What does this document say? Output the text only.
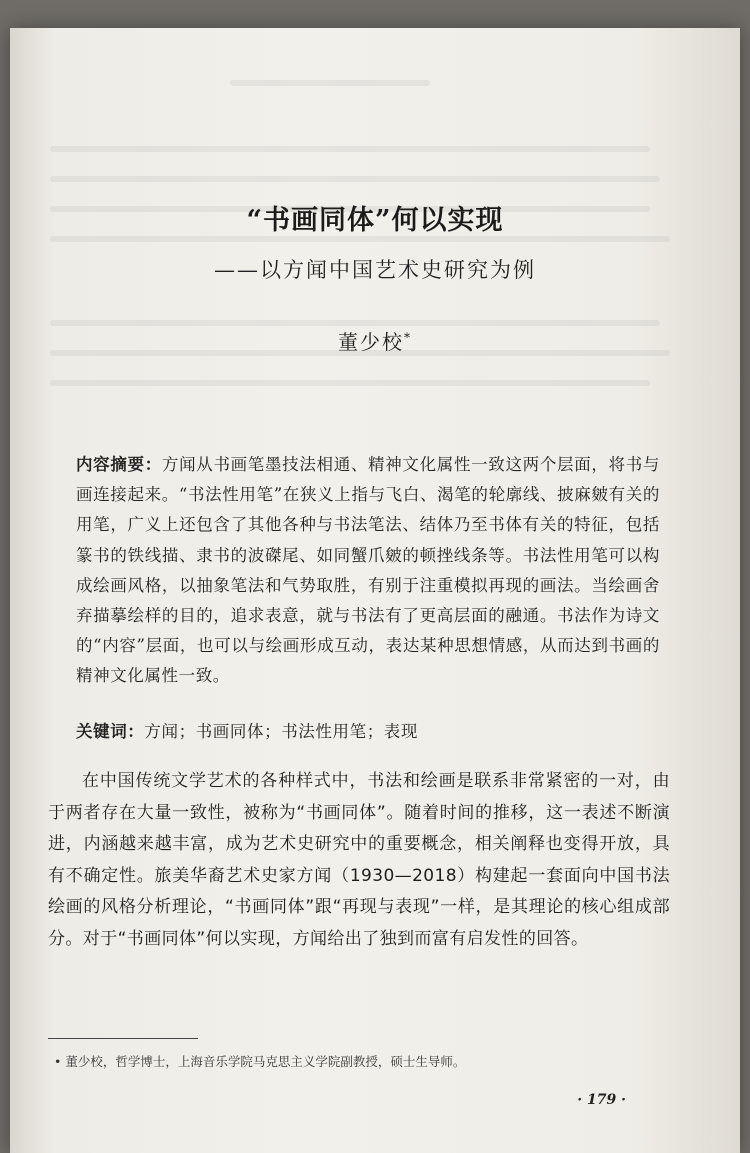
“书画同体”何以实现
——以方闻中国艺术史研究为例
董少校*
内容摘要：方闻从书画笔墨技法相通、精神文化属性一致这两个层面，将书与画连接起来。“书法性用笔”在狭义上指与飞白、渴笔的轮廓线、披麻皴有关的用笔，广义上还包含了其他各种与书法笔法、结体乃至书体有关的特征，包括篆书的铁线描、隶书的波磔尾、如同蟹爪皴的顿挫线条等。书法性用笔可以构成绘画风格，以抽象笔法和气势取胜，有别于注重模拟再现的画法。当绘画舍弃描摹绘样的目的，追求表意，就与书法有了更高层面的融通。书法作为诗文的“内容”层面，也可以与绘画形成互动，表达某种思想情感，从而达到书画的精神文化属性一致。
关键词：方闻；书画同体；书法性用笔；表现
在中国传统文学艺术的各种样式中，书法和绘画是联系非常紧密的一对，由于两者存在大量一致性，被称为“书画同体”。随着时间的推移，这一表述不断演进，内涵越来越丰富，成为艺术史研究中的重要概念，相关阐释也变得开放，具有不确定性。旅美华裔艺术史家方闻（1930—2018）构建起一套面向中国书法绘画的风格分析理论，“书画同体”跟“再现与表现”一样，是其理论的核心组成部分。对于“书画同体”何以实现，方闻给出了独到而富有启发性的回答。
• 董少校，哲学博士，上海音乐学院马克思主义学院副教授，硕士生导师。
· 179 ·
